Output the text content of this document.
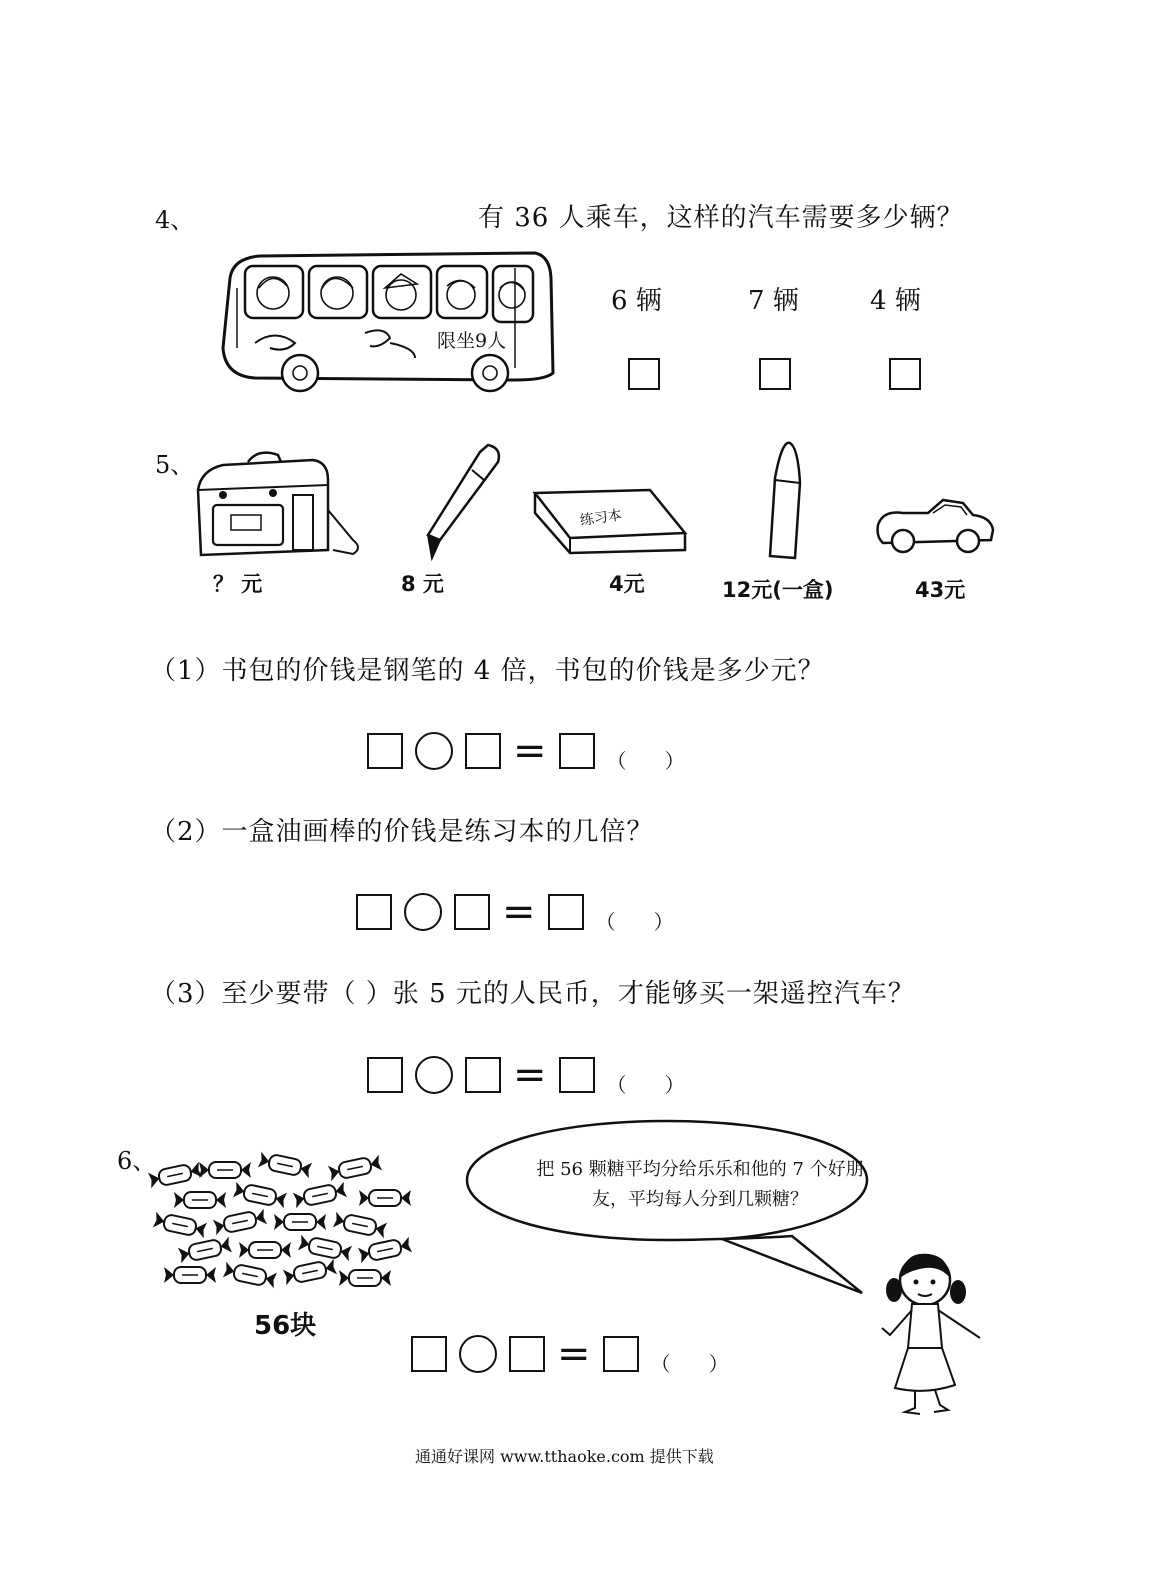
4、	有 36 人乘车，这样的汽车需要多少辆？
限坐9人
6 辆	7 辆	4 辆
5、
练习本
？ 元	8 元	4元	12元(一盒)	43元
（1）书包的价钱是钢笔的 4 倍，书包的价钱是多少元？
=	（      ）
（2）一盒油画棒的价钱是练习本的几倍？
=	（      ）
（3）至少要带（ ）张 5 元的人民币，才能够买一架遥控汽车？
=	（      ）
6、
56块
把 56 颗糖平均分给乐乐和他的 7 个好朋友，平均每人分到几颗糖？
=	（      ）
通通好课网 www.tthaoke.com 提供下载
